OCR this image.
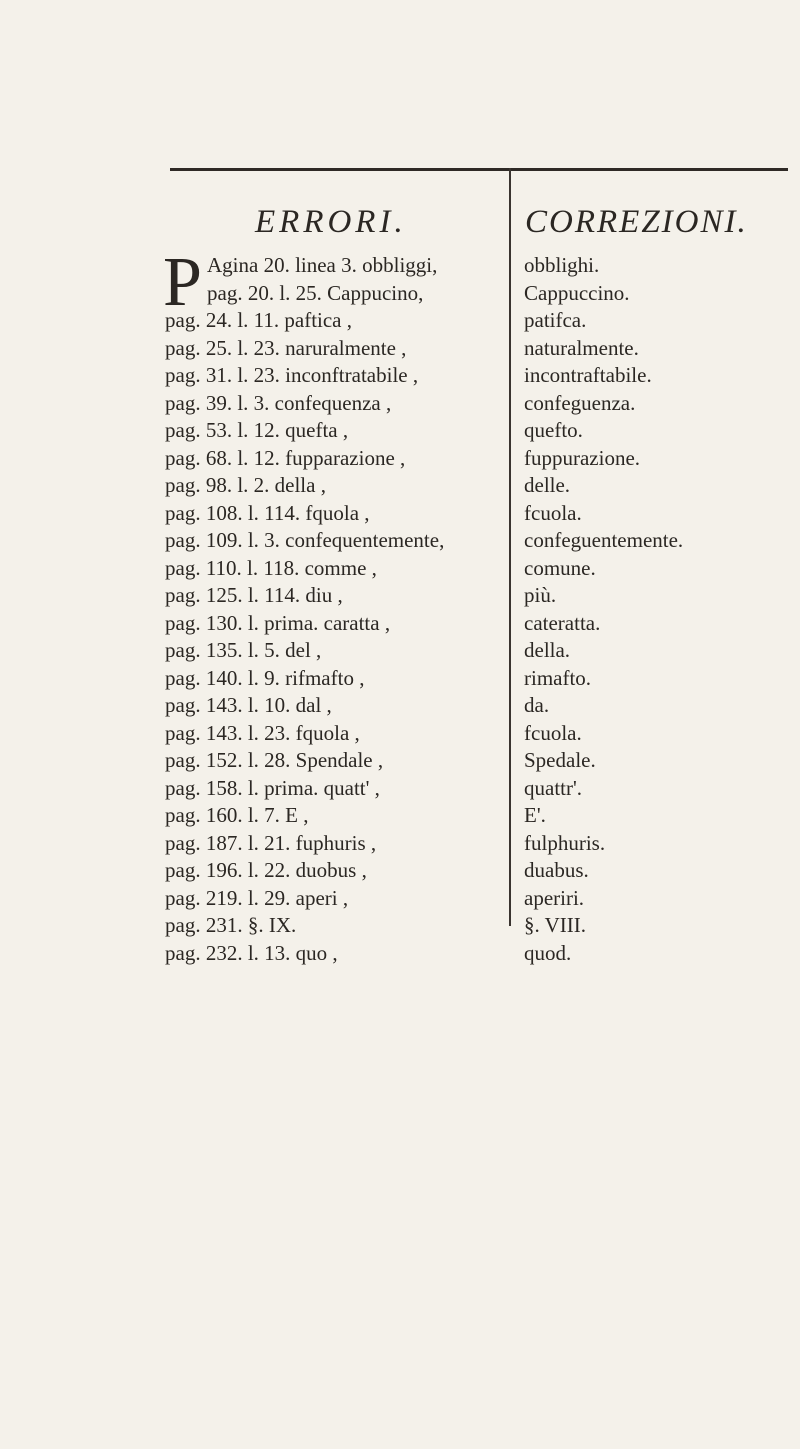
ERRORI.	CORREZIONI.
P Agina 20. linea 3. obbliggi,
pag. 20. l. 25. Cappucino,
pag. 24. l. 11. paftica ,
pag. 25. l. 23. naruralmente ,
pag. 31. l. 23. inconftratabile ,
pag. 39. l. 3. confequenza ,
pag. 53. l. 12. quefta ,
pag. 68. l. 12. fupparazione ,
pag. 98. l. 2. della ,
pag. 108. l. 114. fquola ,
pag. 109. l. 3. confequentemente,
pag. 110. l. 118. comme ,
pag. 125. l. 114. diu ,
pag. 130. l. prima. caratta ,
pag. 135. l. 5. del ,
pag. 140. l. 9. rifmafto ,
pag. 143. l. 10. dal ,
pag. 143. l. 23. fquola ,
pag. 152. l. 28. Spendale ,
pag. 158. l. prima. quatt' ,
pag. 160. l. 7. E ,
pag. 187. l. 21. fuphuris ,
pag. 196. l. 22. duobus ,
pag. 219. l. 29. aperi ,
pag. 231. §. IX.
pag. 232. l. 13. quo ,
obblighi.
Cappuccino.
patifca.
naturalmente.
incontraftabile.
confeguenza.
quefto.
fuppurazione.
delle.
fcuola.
confeguentemente.
comune.
più.
cateratta.
della.
rimafto.
da.
fcuola.
Spedale.
quattr'.
E'.
fulphuris.
duabus.
aperiri.
§. VIII.
quod.
